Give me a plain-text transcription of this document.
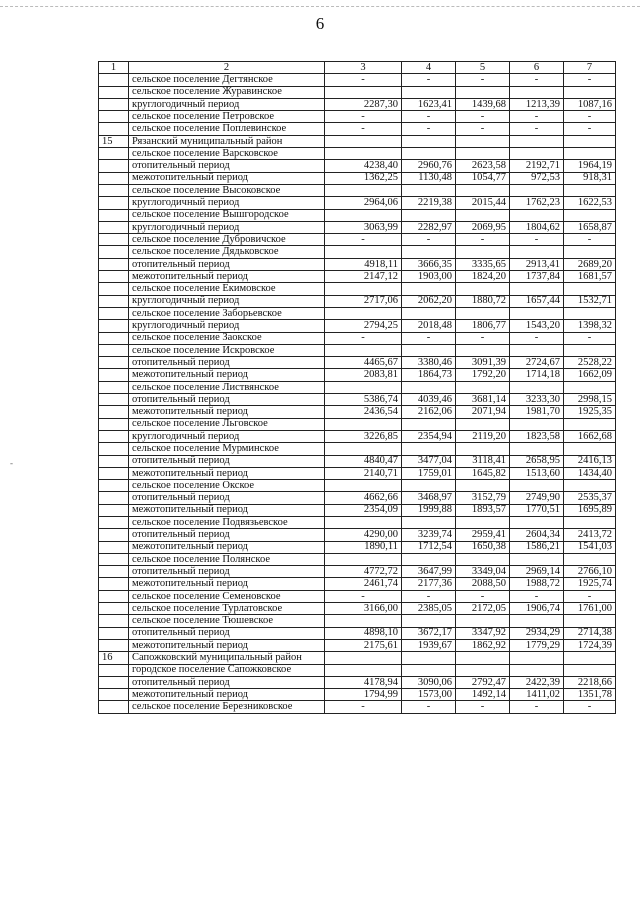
6
-
1	2	3	4	5	6	7
	сельское поселение Дегтянское	-	-	-	-	-
	сельское поселение Журавинское					
	круглогодичный период	2287,30	1623,41	1439,68	1213,39	1087,16
	сельское поселение Петровское	-	-	-	-	-
	сельское поселение Поплевинское	-	-	-	-	-
15	Рязанский муниципальный район					
	сельское поселение Варсковское					
	отопительный период	4238,40	2960,76	2623,58	2192,71	1964,19
	межотопительный период	1362,25	1130,48	1054,77	972,53	918,31
	сельское поселение Высоковское					
	круглогодичный период	2964,06	2219,38	2015,44	1762,23	1622,53
	сельское поселение Вышгородское					
	круглогодичный период	3063,99	2282,97	2069,95	1804,62	1658,87
	сельское поселение Дубровичское	-	-	-	-	-
	сельское поселение Дядьковское					
	отопительный период	4918,11	3666,35	3335,65	2913,41	2689,20
	межотопительный период	2147,12	1903,00	1824,20	1737,84	1681,57
	сельское поселение Екимовское					
	круглогодичный период	2717,06	2062,20	1880,72	1657,44	1532,71
	сельское поселение Заборьевское					
	круглогодичный период	2794,25	2018,48	1806,77	1543,20	1398,32
	сельское поселение Заокское	-	-	-	-	-
	сельское поселение Искровское					
	отопительный период	4465,67	3380,46	3091,39	2724,67	2528,22
	межотопительный период	2083,81	1864,73	1792,20	1714,18	1662,09
	сельское поселение Листвянское					
	отопительный период	5386,74	4039,46	3681,14	3233,30	2998,15
	межотопительный период	2436,54	2162,06	2071,94	1981,70	1925,35
	сельское поселение Льговское					
	круглогодичный период	3226,85	2354,94	2119,20	1823,58	1662,68
	сельское поселение Мурминское					
	отопительный период	4840,47	3477,04	3118,41	2658,95	2416,13
	межотопительный период	2140,71	1759,01	1645,82	1513,60	1434,40
	сельское поселение Окское					
	отопительный период	4662,66	3468,97	3152,79	2749,90	2535,37
	межотопительный период	2354,09	1999,88	1893,57	1770,51	1695,89
	сельское поселение Подвязьевское					
	отопительный период	4290,00	3239,74	2959,41	2604,34	2413,72
	межотопительный период	1890,11	1712,54	1650,38	1586,21	1541,03
	сельское поселение Полянское					
	отопительный период	4772,72	3647,99	3349,04	2969,14	2766,10
	межотопительный период	2461,74	2177,36	2088,50	1988,72	1925,74
	сельское поселение Семеновское	-	-	-	-	-
	сельское поселение Турлатовское	3166,00	2385,05	2172,05	1906,74	1761,00
	сельское поселение Тюшевское					
	отопительный период	4898,10	3672,17	3347,92	2934,29	2714,38
	межотопительный период	2175,61	1939,67	1862,92	1779,29	1724,39
16	Сапожковский муниципальный район					
	городское поселение Сапожковское					
	отопительный период	4178,94	3090,06	2792,47	2422,39	2218,66
	межотопительный период	1794,99	1573,00	1492,14	1411,02	1351,78
	сельское поселение Березниковское	-	-	-	-	-
